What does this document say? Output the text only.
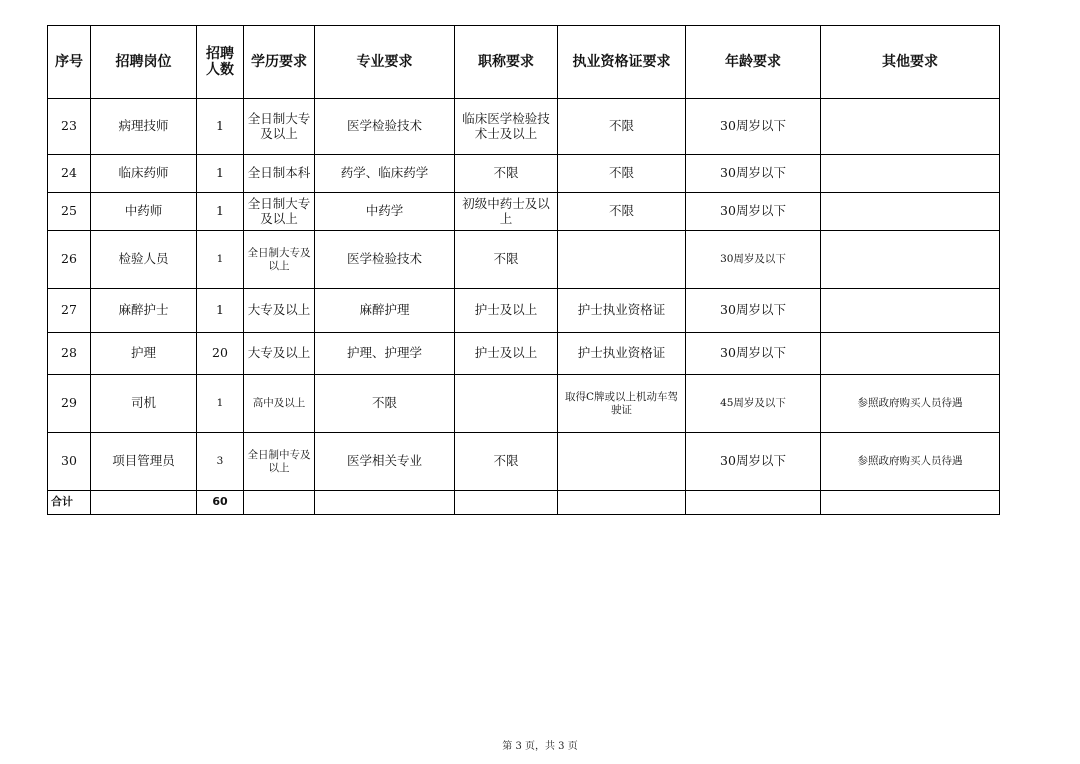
序号	招聘岗位	招聘人数	学历要求	专业要求	职称要求	执业资格证要求	年龄要求	其他要求
23	病理技师	1	全日制大专及以上	医学检验技术	临床医学检验技术士及以上	不限	30周岁以下	
24	临床药师	1	全日制本科	药学、临床药学	不限	不限	30周岁以下	
25	中药师	1	全日制大专及以上	中药学	初级中药士及以上	不限	30周岁以下	
26	检验人员	1	全日制大专及以上	医学检验技术	不限		30周岁及以下	
27	麻醉护士	1	大专及以上	麻醉护理	护士及以上	护士执业资格证	30周岁以下	
28	护理	20	大专及以上	护理、护理学	护士及以上	护士执业资格证	30周岁以下	
29	司机	1	高中及以上	不限		取得C牌或以上机动车驾驶证	45周岁及以下	参照政府购买人员待遇
30	项目管理员	3	全日制中专及以上	医学相关专业	不限		30周岁以下	参照政府购买人员待遇
合计		60						
第 3 页，共 3 页
